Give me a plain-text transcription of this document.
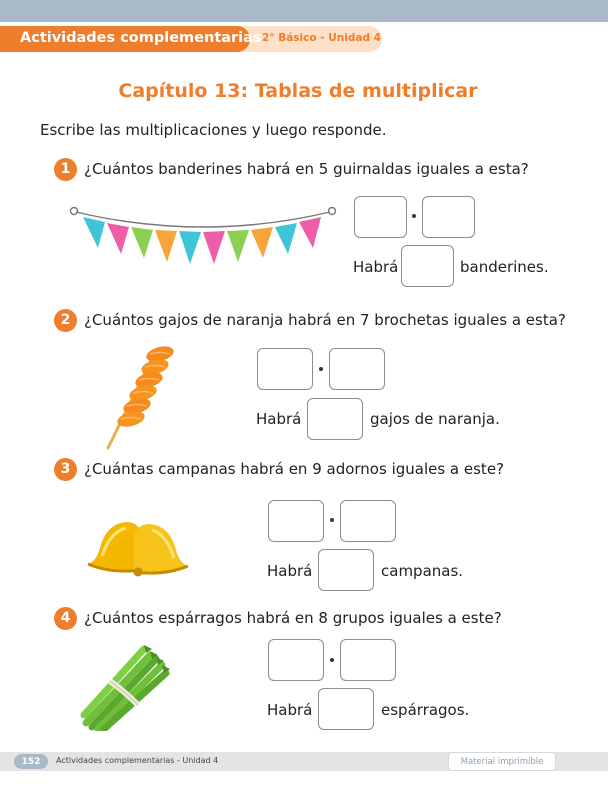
Actividades complementarias 2° Básico - Unidad 4
Capítulo 13: Tablas de multiplicar
Escribe las multiplicaciones y luego responde.
1 ¿Cuántos banderines habrá en 5 guirnaldas iguales a esta?
Habrá	banderines.
2 ¿Cuántos gajos de naranja habrá en 7 brochetas iguales a esta?
Habrá	gajos de naranja.
3 ¿Cuántas campanas habrá en 9 adornos iguales a este?
Habrá	campanas.
4 ¿Cuántos espárragos habrá en 8 grupos iguales a este?
Habrá	espárragos.
152	Actividades complementarias - Unidad 4	Material imprimible
